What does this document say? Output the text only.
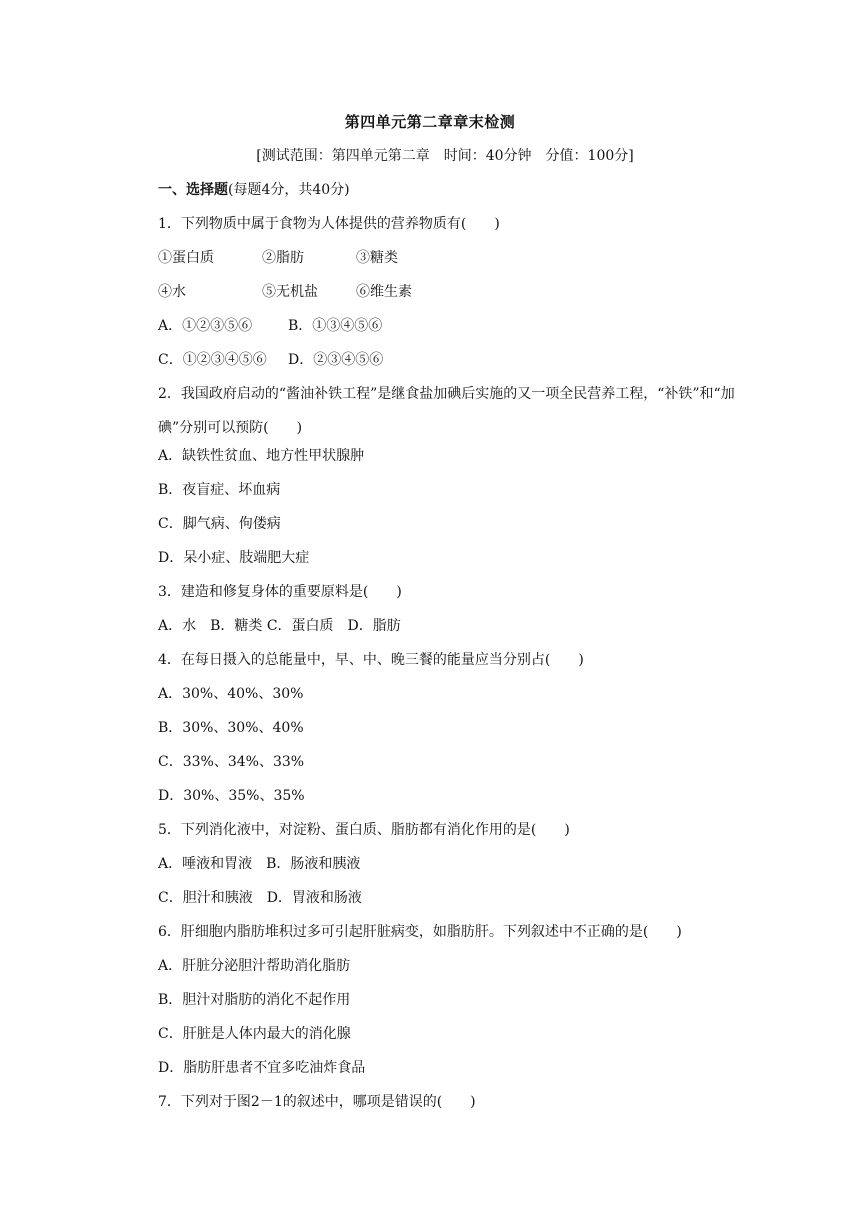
第四单元第二章章末检测
[测试范围：第四单元第二章　时间：40分钟　分值：100分]
一、选择题(每题4分，共40分)
1．下列物质中属于食物为人体提供的营养物质有(　　)
①蛋白质	②脂肪	③糖类
④水	⑤无机盐	⑥维生素
A．①②③⑤⑥	B．①③④⑤⑥
C．①②③④⑤⑥ D．②③④⑤⑥
2．我国政府启动的“酱油补铁工程”是继食盐加碘后实施的又一项全民营养工程，“补铁”和“加碘”分别可以预防(　　)
A．缺铁性贫血、地方性甲状腺肿
B．夜盲症、坏血病
C．脚气病、佝偻病
D．呆小症、肢端肥大症
3．建造和修复身体的重要原料是(　　)
A．水　B．糖类 C．蛋白质　D．脂肪
4．在每日摄入的总能量中，早、中、晚三餐的能量应当分别占(　　)
A．30%、40%、30%
B．30%、30%、40%
C．33%、34%、33%
D．30%、35%、35%
5．下列消化液中，对淀粉、蛋白质、脂肪都有消化作用的是(　　)
A．唾液和胃液　B．肠液和胰液
C．胆汁和胰液　D．胃液和肠液
6．肝细胞内脂肪堆积过多可引起肝脏病变，如脂肪肝。下列叙述中不正确的是(　　)
A．肝脏分泌胆汁帮助消化脂肪
B．胆汁对脂肪的消化不起作用
C．肝脏是人体内最大的消化腺
D．脂肪肝患者不宜多吃油炸食品
7．下列对于图2－1的叙述中，哪项是错误的(　　)
